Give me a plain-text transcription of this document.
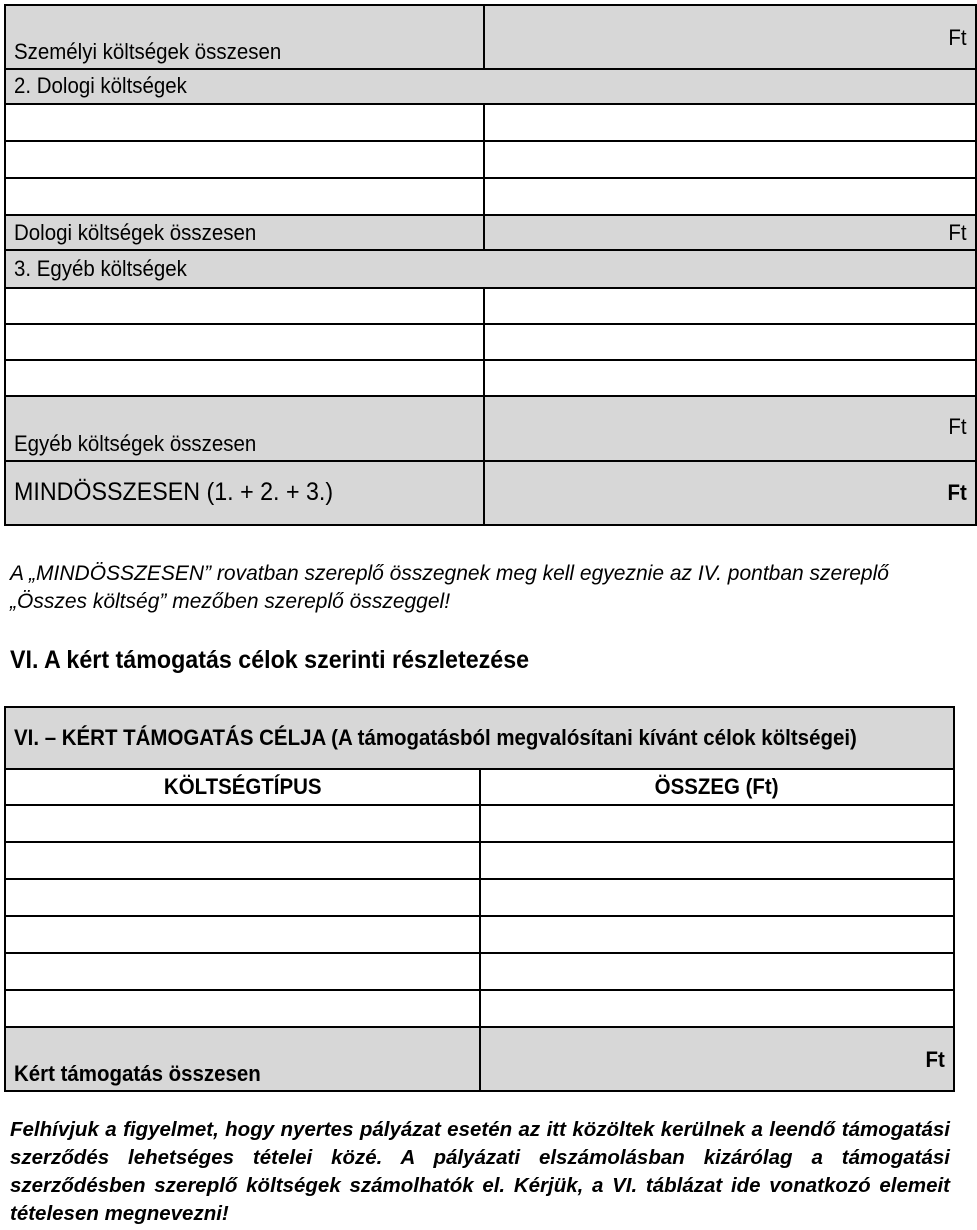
Személyi költségek összesen	Ft
2. Dologi költségek	

Dologi költségek összesen	Ft
3. Egyéb költségek	

Egyéb költségek összesen	Ft
MINDÖSSZESEN (1. + 2. + 3.)	Ft
A „MINDÖSSZESEN” rovatban szereplő összegnek meg kell egyeznie az IV. pontban szereplő „Összes költség” mezőben szereplő összeggel!
VI. A kért támogatás célok szerinti részletezése
VI. – KÉRT TÁMOGATÁS CÉLJA (A támogatásból megvalósítani kívánt célok költségei)	
KÖLTSÉGTÍPUS	ÖSSZEG (Ft)

Kért támogatás összesen	Ft
Felhívjuk a figyelmet, hogy nyertes pályázat esetén az itt közöltek kerülnek a leendő támogatási szerződés lehetséges tételei közé. A pályázati elszámolásban kizárólag a támogatási szerződésben szereplő költségek számolhatók el. Kérjük, a VI. táblázat ide vonatkozó elemeit tételesen megnevezni!
